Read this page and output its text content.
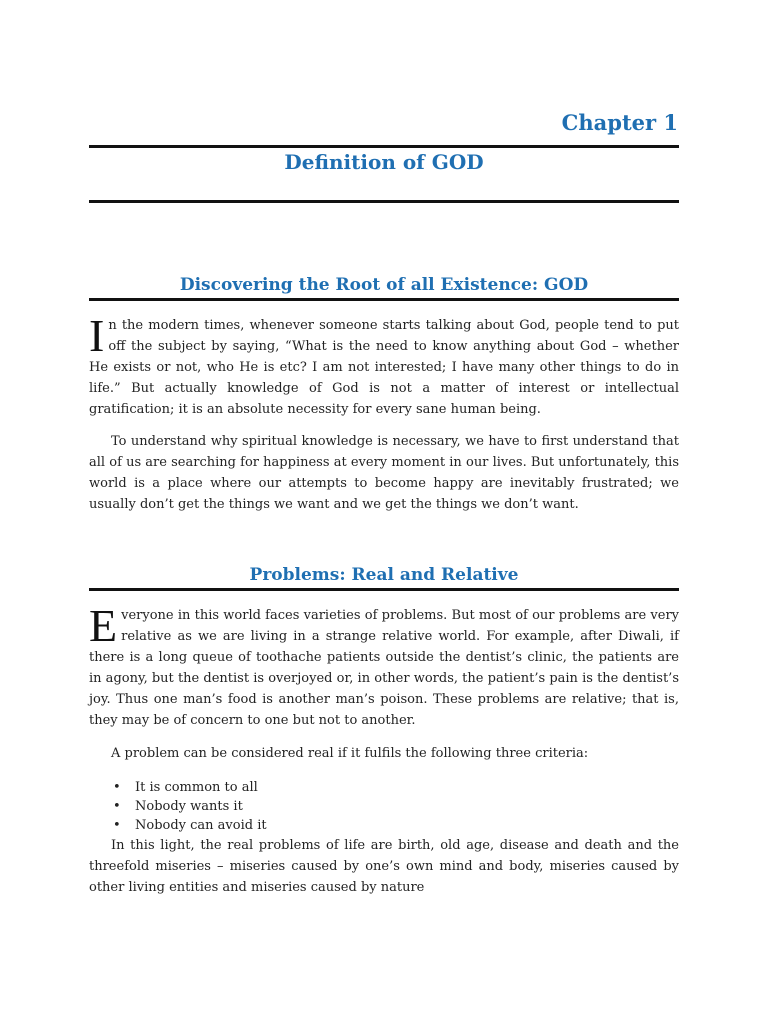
Chapter 1
Definition of GOD
Discovering the Root of all Existence: GOD

I n the modern times, whenever someone starts talking about God, people tend to put off the subject by saying, “What is the need to know anything about God – whether He exists or not, who He is etc? I am not interested; I have many other things to do in life.” But actually knowledge of God is not a matter of interest or intellectual gratification; it is an absolute necessity for every sane human being.

To understand why spiritual knowledge is necessary, we have to first understand that all of us are searching for happiness at every moment in our lives. But unfortunately, this world is a place where our attempts to become happy are inevitably frustrated; we usually don’t get the things we want and we get the things we don’t want.

Problems: Real and Relative

E veryone in this world faces varieties of problems. But most of our problems are very relative as we are living in a strange relative world. For example, after Diwali, if there is a long queue of toothache patients outside the dentist’s clinic, the patients are in agony, but the dentist is overjoyed or, in other words, the patient’s pain is the dentist’s joy. Thus one man’s food is another man’s poison. These problems are relative; that is, they may be of concern to one but not to another.

A problem can be considered real if it fulfils the following three criteria:

• It is common to all
• Nobody wants it
• Nobody can avoid it

In this light, the real problems of life are birth, old age, disease and death and the threefold miseries – miseries caused by one’s own mind and body, miseries caused by other living entities and miseries caused by nature
